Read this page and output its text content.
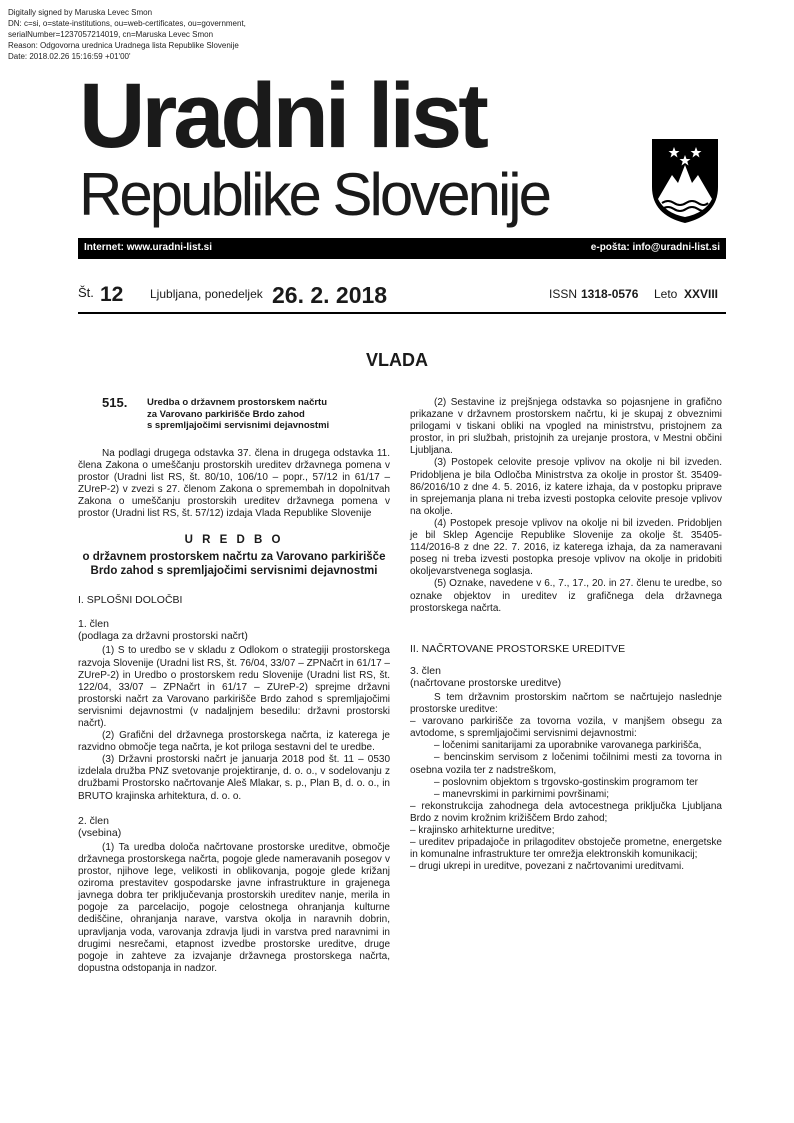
Digitally signed by Maruska Levec Smon
DN: c=si, o=state-institutions, ou=web-certificates, ou=government,
serialNumber=1237057214019, cn=Maruska Levec Smon
Reason: Odgovorna urednica Uradnega lista Republike Slovenije
Date: 2018.02.26 15:16:59 +01'00'
Uradni list
Republike Slovenije
Internet: www.uradni-list.si	e-pošta: info@uradni-list.si
Št. 12 Ljubljana, ponedeljek 26. 2. 2018	ISSN 1318-0576 Leto XXVIII
VLADA
515. Uredba o državnem prostorskem načrtu
za Varovano parkirišče Brdo zahod
s spremljajočimi servisnimi dejavnostmi

Na podlagi drugega odstavka 37. člena in drugega odstavka 11. člena Zakona o umeščanju prostorskih ureditev državnega pomena v prostor (Uradni list RS, št. 80/10, 106/10 – popr., 57/12 in 61/17 – ZUreP-2) v zvezi s 27. členom Zakona o spremembah in dopolnitvah Zakona o umeščanju prostorskih ureditev državnega pomena v prostor (Uradni list RS, št. 57/12) izdaja Vlada Republike Slovenije

U R E D B O
o državnem prostorskem načrtu za Varovano parkirišče Brdo zahod s spremljajočimi servisnimi dejavnostmi

I. SPLOŠNI DOLOČBI

1. člen

(podlaga za državni prostorski načrt)

(1) S to uredbo se v skladu z Odlokom o strategiji prostorskega razvoja Slovenije (Uradni list RS, št. 76/04, 33/07 – ZPNačrt in 61/17 – ZUreP-2) in Uredbo o prostorskem redu Slovenije (Uradni list RS, št. 122/04, 33/07 – ZPNačrt in 61/17 – ZUreP-2) sprejme državni prostorski načrt za Varovano parkirišče Brdo zahod s spremljajočimi servisnimi dejavnostmi (v nadaljnjem besedilu: državni prostorski načrt).

(2) Grafični del državnega prostorskega načrta, iz katerega je razvidno območje tega načrta, je kot priloga sestavni del te uredbe.

(3) Državni prostorski načrt je januarja 2018 pod št. 11 – 0530 izdelala družba PNZ svetovanje projektiranje, d. o. o., v sodelovanju z družbami Prostorsko načrtovanje Aleš Mlakar, s. p., Plan B, d. o. o., in BRUTO krajinska arhitektura, d. o. o.

2. člen

(vsebina)

(1) Ta uredba določa načrtovane prostorske ureditve, območje državnega prostorskega načrta, pogoje glede nameravanih posegov v prostor, njihove lege, velikosti in oblikovanja, pogoje glede križanj oziroma prestavitev gospodarske javne infrastrukture in grajenega javnega dobra ter priključevanja prostorskih ureditev nanje, merila in pogoje za parcelacijo, pogoje celostnega ohranjanja kulturne dediščine, ohranjanja narave, varstva okolja in naravnih dobrin, upravljanja voda, varovanja zdravja ljudi in varstva pred naravnimi in drugimi nesrečami, etapnost izvedbe prostorske ureditve, druge pogoje in zahteve za izvajanje državnega prostorskega načrta, dopustna odstopanja in nadzor.

(2) Sestavine iz prejšnjega odstavka so pojasnjene in grafično prikazane v državnem prostorskem načrtu, ki je skupaj z obveznimi prilogami v tiskani obliki na vpogled na ministrstvu, pristojnem za prostor, in pri službah, pristojnih za urejanje prostora, v Mestni občini Ljubljana.

(3) Postopek celovite presoje vplivov na okolje ni bil izveden. Pridobljena je bila Odločba Ministrstva za okolje in prostor št. 35409-86/2016/10 z dne 4. 5. 2016, iz katere izhaja, da v postopku priprave in sprejemanja plana ni treba izvesti postopka celovite presoje vplivov na okolje.

(4) Postopek presoje vplivov na okolje ni bil izveden. Pridobljen je bil Sklep Agencije Republike Slovenije za okolje št. 35405-114/2016-8 z dne 22. 7. 2016, iz katerega izhaja, da za nameravani poseg ni treba izvesti postopka presoje vplivov na okolje in pridobiti okoljevarstvenega soglasja.

(5) Oznake, navedene v 6., 7., 17., 20. in 27. členu te uredbe, so oznake objektov in ureditev iz grafičnega dela državnega prostorskega načrta.

II. NAČRTOVANE PROSTORSKE UREDITVE

3. člen

(načrtovane prostorske ureditve)

S tem državnim prostorskim načrtom se načrtujejo naslednje prostorske ureditve:

– varovano parkirišče za tovorna vozila, v manjšem obsegu za avtodome, s spremljajočimi servisnimi dejavnostmi:

– ločenimi sanitarijami za uporabnike varovanega parkirišča,

– bencinskim servisom z ločenimi točilnimi mesti za tovorna in osebna vozila ter z nadstreškom,

– poslovnim objektom s trgovsko-gostinskim programom ter

– manevrskimi in parkirnimi površinami;

– rekonstrukcija zahodnega dela avtocestnega priključka Ljubljana Brdo z novim krožnim križiščem Brdo zahod;

– krajinsko arhitekturne ureditve;

– ureditev pripadajoče in prilagoditev obstoječe prometne, energetske in komunalne infrastrukture ter omrežja elektronskih komunikacij;

– drugi ukrepi in ureditve, povezani z načrtovanimi ureditvami.
